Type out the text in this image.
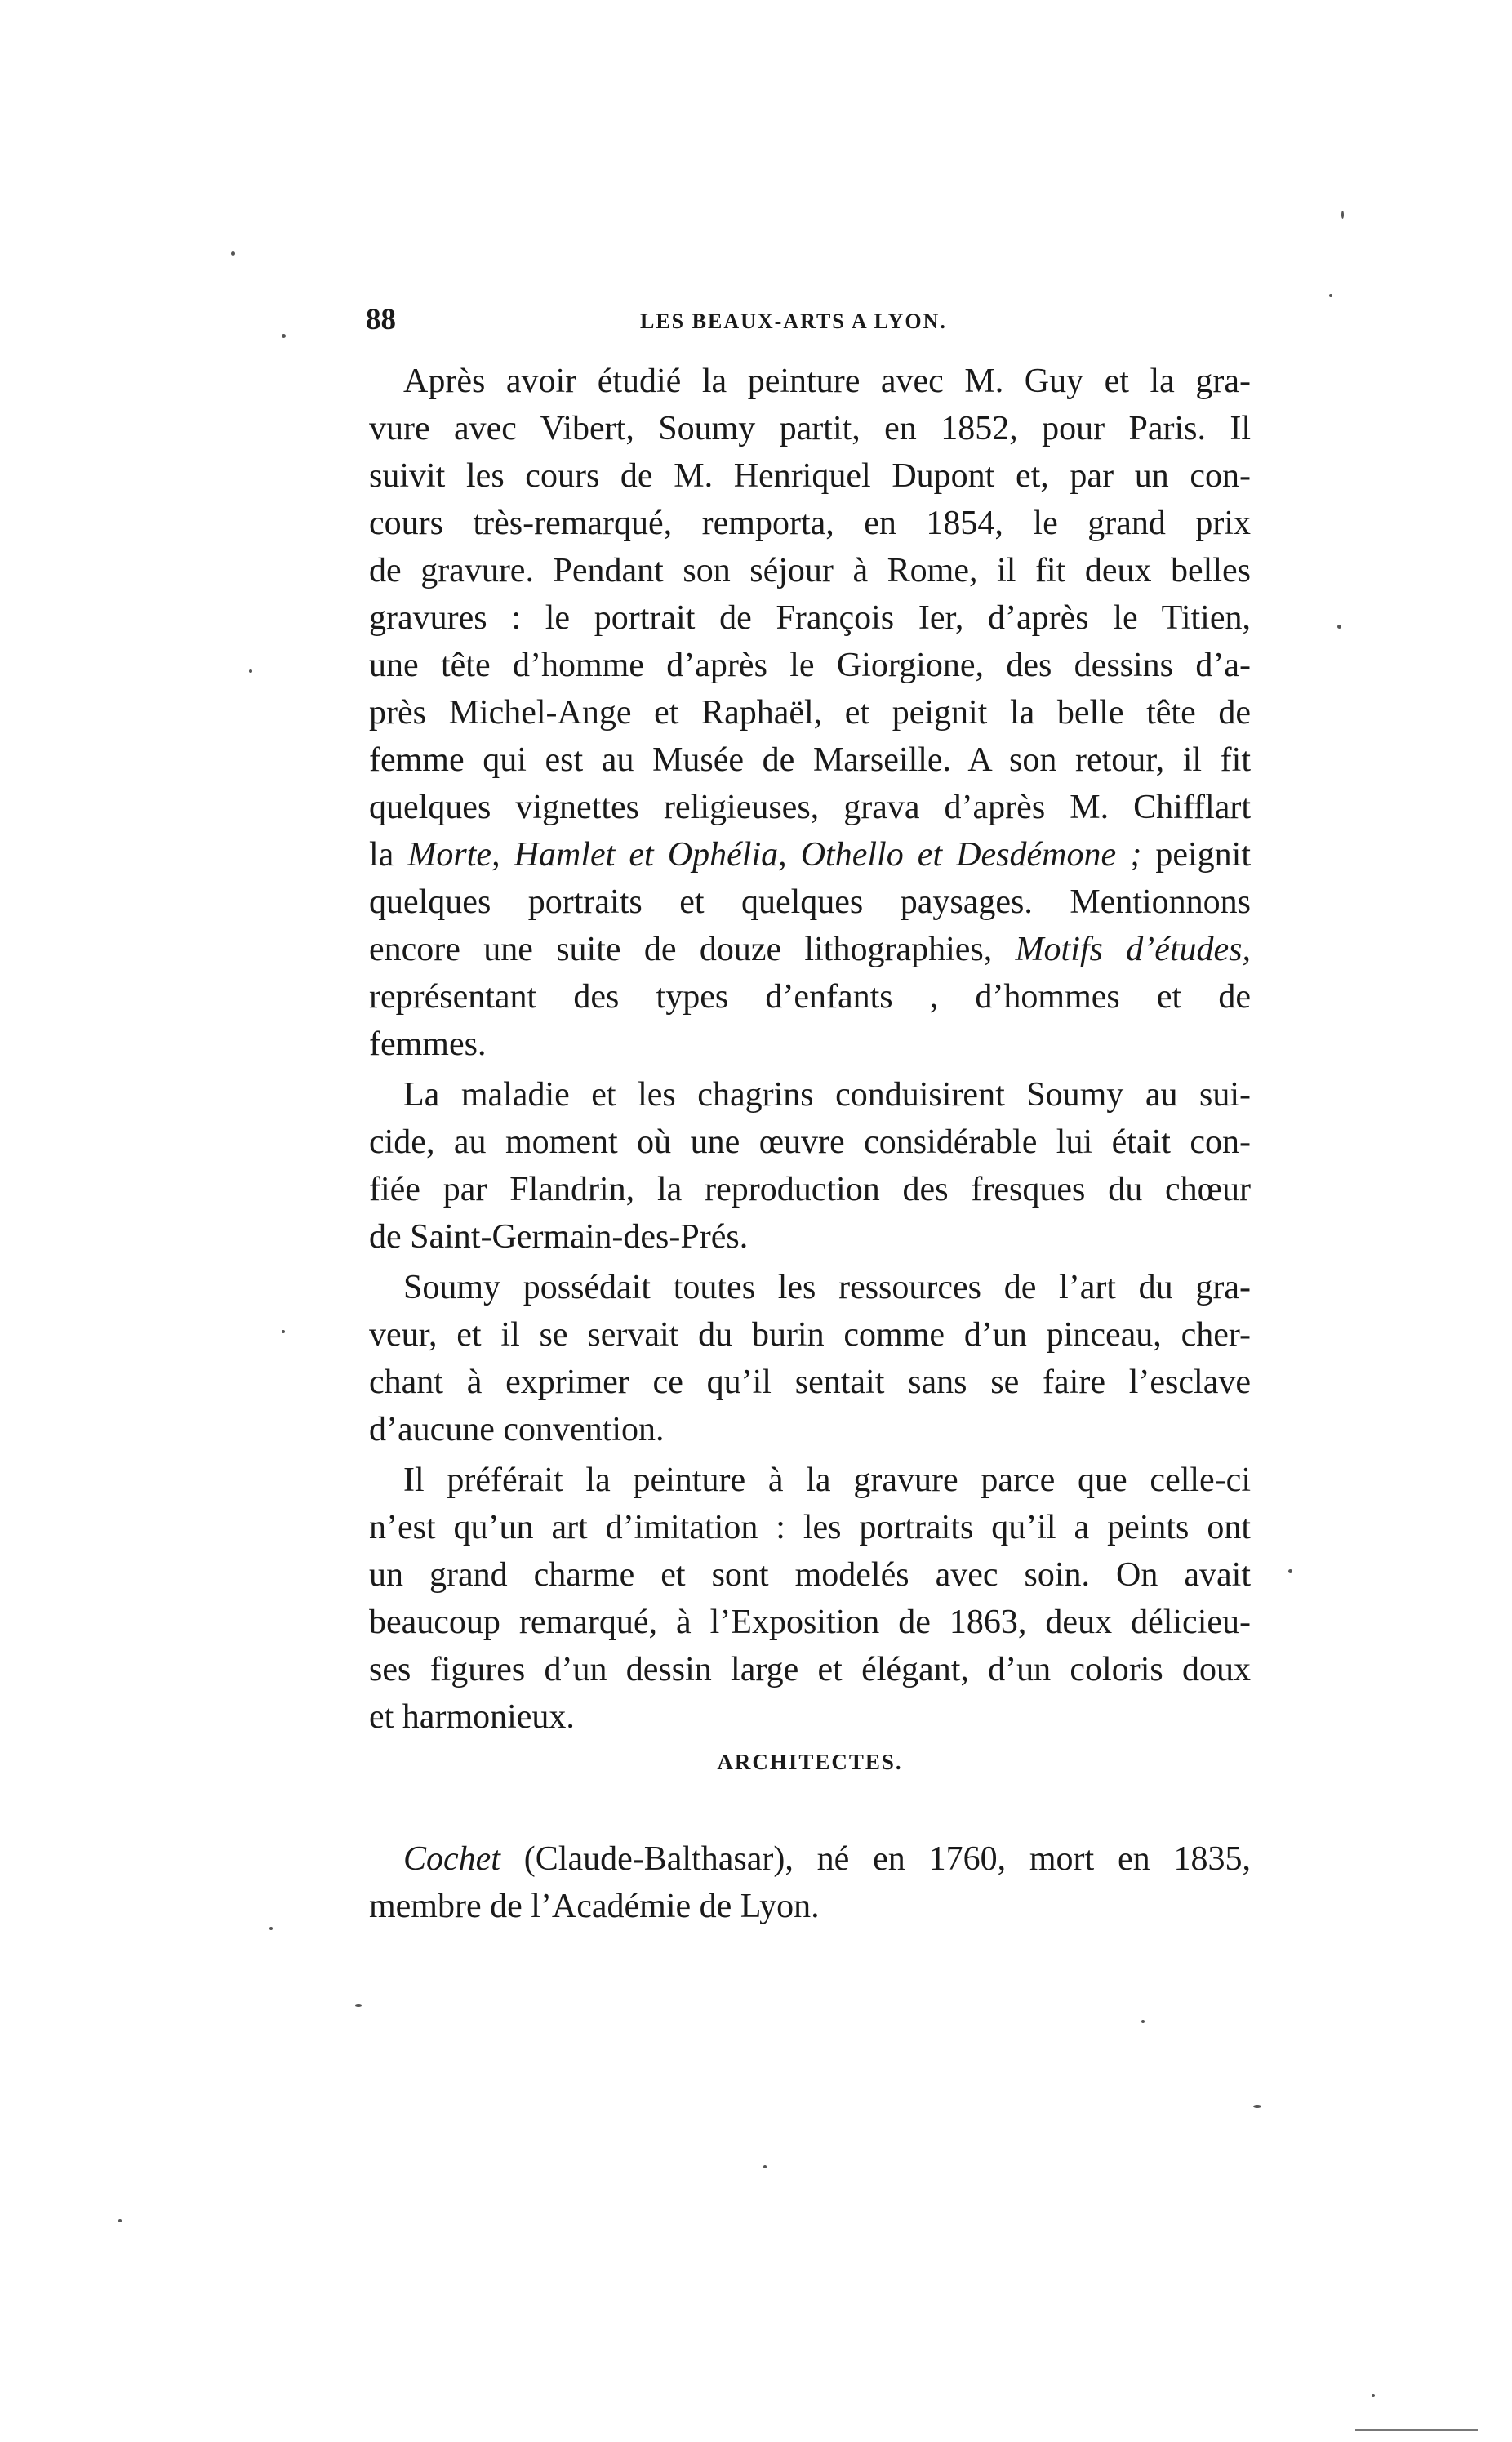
88	LES BEAUX-ARTS A LYON.
Après avoir étudié la peinture avec M. Guy et la gra-
vure avec Vibert, Soumy partit, en 1852, pour Paris. Il
suivit les cours de M. Henriquel Dupont et, par un con-
cours très-remarqué, remporta, en 1854, le grand prix
de gravure. Pendant son séjour à Rome, il fit deux belles
gravures : le portrait de François Ier, d’après le Titien,
une tête d’homme d’après le Giorgione, des dessins d’a-
près Michel-Ange et Raphaël, et peignit la belle tête de
femme qui est au Musée de Marseille. A son retour, il fit
quelques vignettes religieuses, grava d’après M. Chifflart
la Morte, Hamlet et Ophélia, Othello et Desdémone ; peignit
quelques portraits et quelques paysages. Mentionnons
encore une suite de douze lithographies, Motifs d’études,
représentant des types d’enfants , d’hommes et de
femmes.
La maladie et les chagrins conduisirent Soumy au sui-
cide, au moment où une œuvre considérable lui était con-
fiée par Flandrin, la reproduction des fresques du chœur
de Saint-Germain-des-Prés.
Soumy possédait toutes les ressources de l’art du gra-
veur, et il se servait du burin comme d’un pinceau, cher-
chant à exprimer ce qu’il sentait sans se faire l’esclave
d’aucune convention.
Il préférait la peinture à la gravure parce que celle-ci
n’est qu’un art d’imitation : les portraits qu’il a peints ont
un grand charme et sont modelés avec soin. On avait
beaucoup remarqué, à l’Exposition de 1863, deux délicieu-
ses figures d’un dessin large et élégant, d’un coloris doux
et harmonieux.
ARCHITECTES.
Cochet (Claude-Balthasar), né en 1760, mort en 1835,
membre de l’Académie de Lyon.
